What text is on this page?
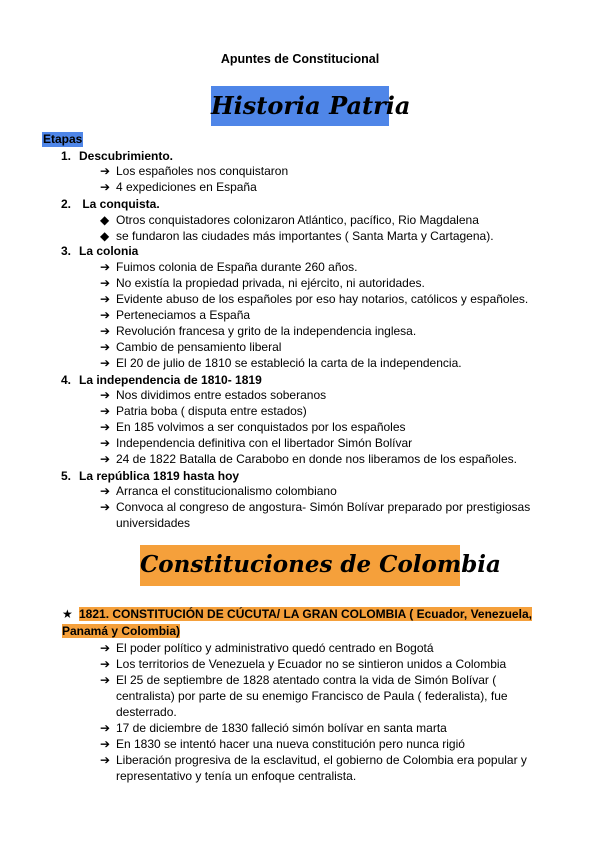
Apuntes de Constitucional
Historia Patria
Etapas
1. Descubrimiento.
➔ Los españoles nos conquistaron
➔ 4 expediciones en España
2. La conquista.
◆ Otros conquistadores colonizaron Atlántico, pacífico, Rio Magdalena
◆ se fundaron las ciudades más importantes ( Santa Marta y Cartagena).
3. La colonia
➔ Fuimos colonia de España durante 260 años.
➔ No existía la propiedad privada, ni ejército, ni autoridades.
➔ Evidente abuso de los españoles por eso hay notarios, católicos y españoles.
➔ Perteneciamos a España
➔ Revolución francesa y grito de la independencia inglesa.
➔ Cambio de pensamiento liberal
➔ El 20 de julio de 1810 se estableció la carta de la independencia.
4. La independencia de 1810- 1819
➔ Nos dividimos entre estados soberanos
➔ Patria boba ( disputa entre estados)
➔ En 185 volvimos a ser conquistados por los españoles
➔ Independencia definitiva con el libertador Simón Bolívar
➔ 24 de 1822 Batalla de Carabobo en donde nos liberamos de los españoles.
5. La república 1819 hasta hoy
➔ Arranca el constitucionalismo colombiano
➔ Convoca al congreso de angostura- Simón Bolívar preparado por prestigiosas universidades
Constituciones de Colombia
★ 1821. CONSTITUCIÓN DE CÚCUTA/ LA GRAN COLOMBIA ( Ecuador, Venezuela, Panamá y Colombia)
➔ El poder político y administrativo quedó centrado en Bogotá
➔ Los territorios de Venezuela y Ecuador no se sintieron unidos a Colombia
➔ El 25 de septiembre de 1828 atentado contra la vida de Simón Bolívar ( centralista) por parte de su enemigo Francisco de Paula ( federalista), fue desterrado.
➔ 17 de diciembre de 1830 falleció simón bolívar en santa marta
➔ En 1830 se intentó hacer una nueva constitución pero nunca rigió
➔ Liberación progresiva de la esclavitud, el gobierno de Colombia era popular y representativo y tenía un enfoque centralista.
